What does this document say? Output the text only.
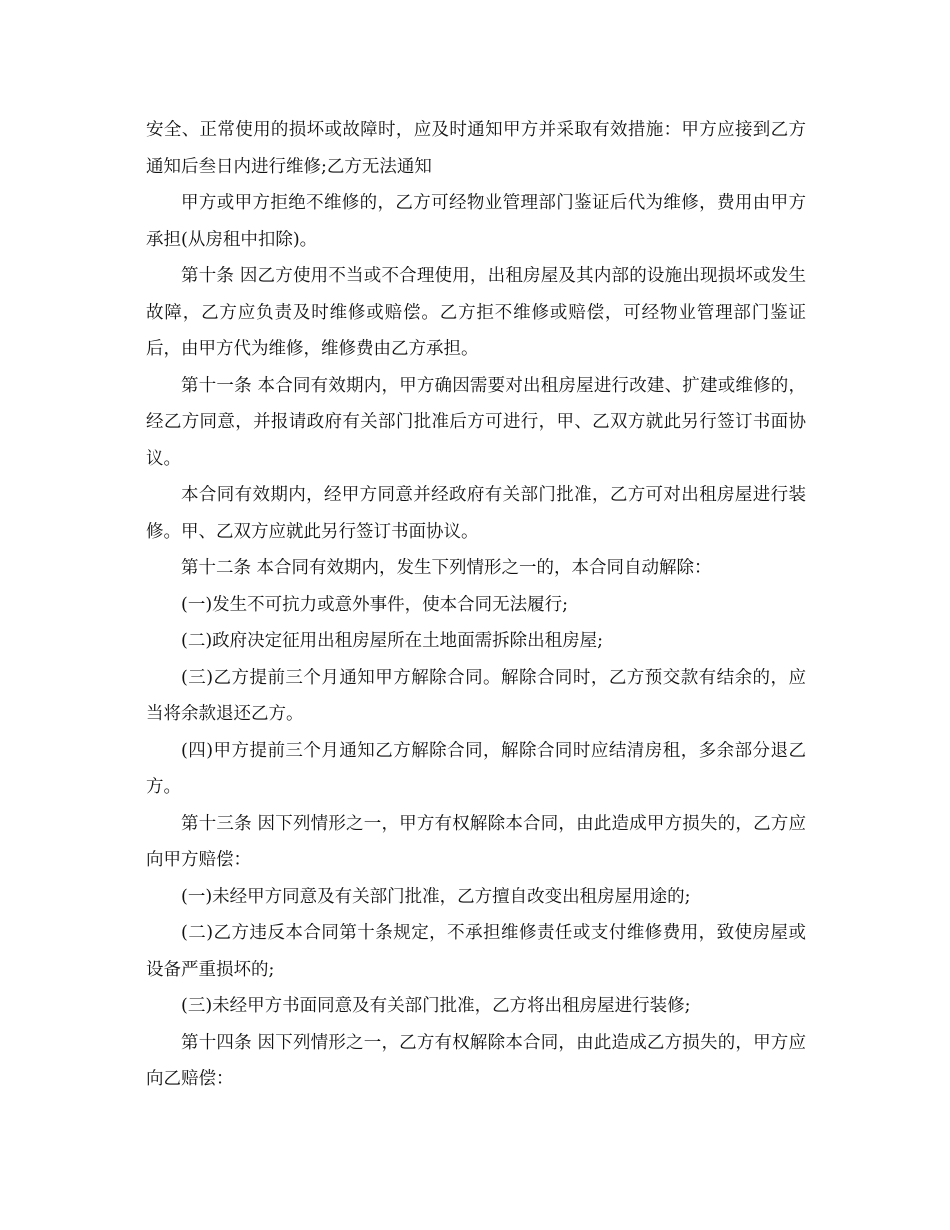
安全、正常使用的损坏或故障时，应及时通知甲方并采取有效措施：甲方应接到乙方通知后叁日内进行维修;乙方无法通知

甲方或甲方拒绝不维修的，乙方可经物业管理部门鉴证后代为维修，费用由甲方承担(从房租中扣除)。

第十条 因乙方使用不当或不合理使用，出租房屋及其内部的设施出现损坏或发生故障，乙方应负责及时维修或赔偿。乙方拒不维修或赔偿，可经物业管理部门鉴证后，由甲方代为维修，维修费由乙方承担。

第十一条 本合同有效期内，甲方确因需要对出租房屋进行改建、扩建或维修的，经乙方同意，并报请政府有关部门批准后方可进行，甲、乙双方就此另行签订书面协议。

本合同有效期内，经甲方同意并经政府有关部门批准，乙方可对出租房屋进行装修。甲、乙双方应就此另行签订书面协议。

第十二条 本合同有效期内，发生下列情形之一的，本合同自动解除：

(一)发生不可抗力或意外事件，使本合同无法履行;

(二)政府决定征用出租房屋所在土地面需拆除出租房屋;

(三)乙方提前三个月通知甲方解除合同。解除合同时，乙方预交款有结余的，应当将余款退还乙方。

(四)甲方提前三个月通知乙方解除合同，解除合同时应结清房租，多余部分退乙方。

第十三条 因下列情形之一，甲方有权解除本合同，由此造成甲方损失的，乙方应向甲方赔偿：

(一)未经甲方同意及有关部门批准，乙方擅自改变出租房屋用途的;

(二)乙方违反本合同第十条规定，不承担维修责任或支付维修费用，致使房屋或设备严重损坏的;

(三)未经甲方书面同意及有关部门批准，乙方将出租房屋进行装修;

第十四条 因下列情形之一，乙方有权解除本合同，由此造成乙方损失的，甲方应向乙赔偿：
